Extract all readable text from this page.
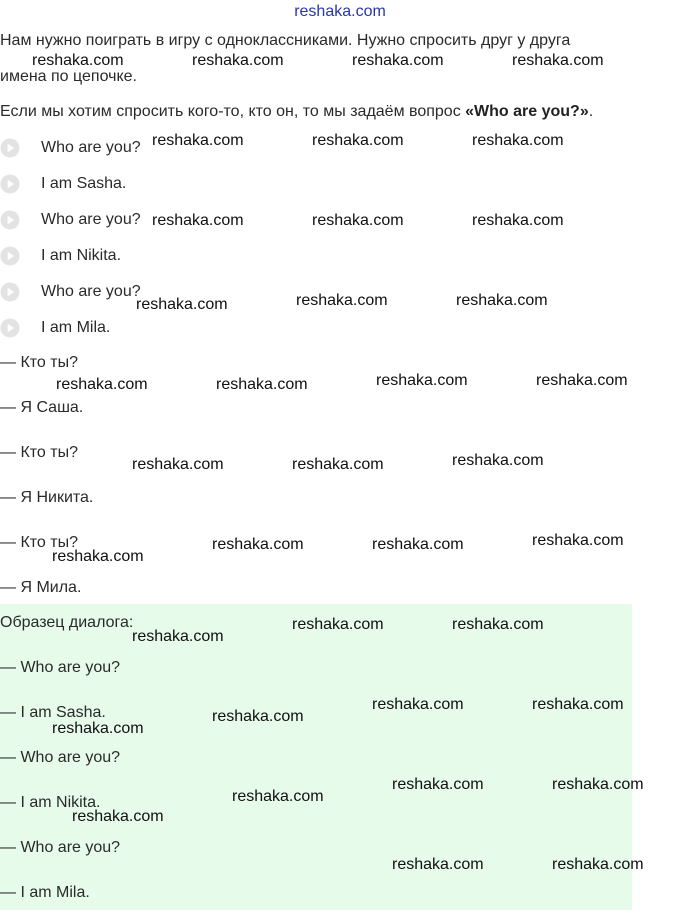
reshaka.com
Нам нужно поиграть в игру с одноклассниками. Нужно спросить друг у друга
имена по цепочке.
Если мы хотим спросить кого-то, кто он, то мы задаём вопрос «Who are you?».
Who are you?
I am Sasha.
Who are you?
I am Nikita.
Who are you?
I am Mila.
— Кто ты?
— Я Саша.
— Кто ты?
— Я Никита.
— Кто ты?
— Я Мила.
Образец диалога:
— Who are you?
— I am Sasha.
— Who are you?
— I am Nikita.
— Who are you?
— I am Mila.
reshaka.com	reshaka.com	reshaka.com	reshaka.com
reshaka.com	reshaka.com	reshaka.com
reshaka.com	reshaka.com	reshaka.com
reshaka.com	reshaka.com	reshaka.com
reshaka.com	reshaka.com	reshaka.com	reshaka.com
reshaka.com	reshaka.com	reshaka.com
reshaka.com
reshaka.com	reshaka.com	reshaka.com
reshaka.com
reshaka.com	reshaka.com
reshaka.com
reshaka.com	reshaka.com
reshaka.com
reshaka.com
reshaka.com	reshaka.com
reshaka.com
reshaka.com	reshaka.com
